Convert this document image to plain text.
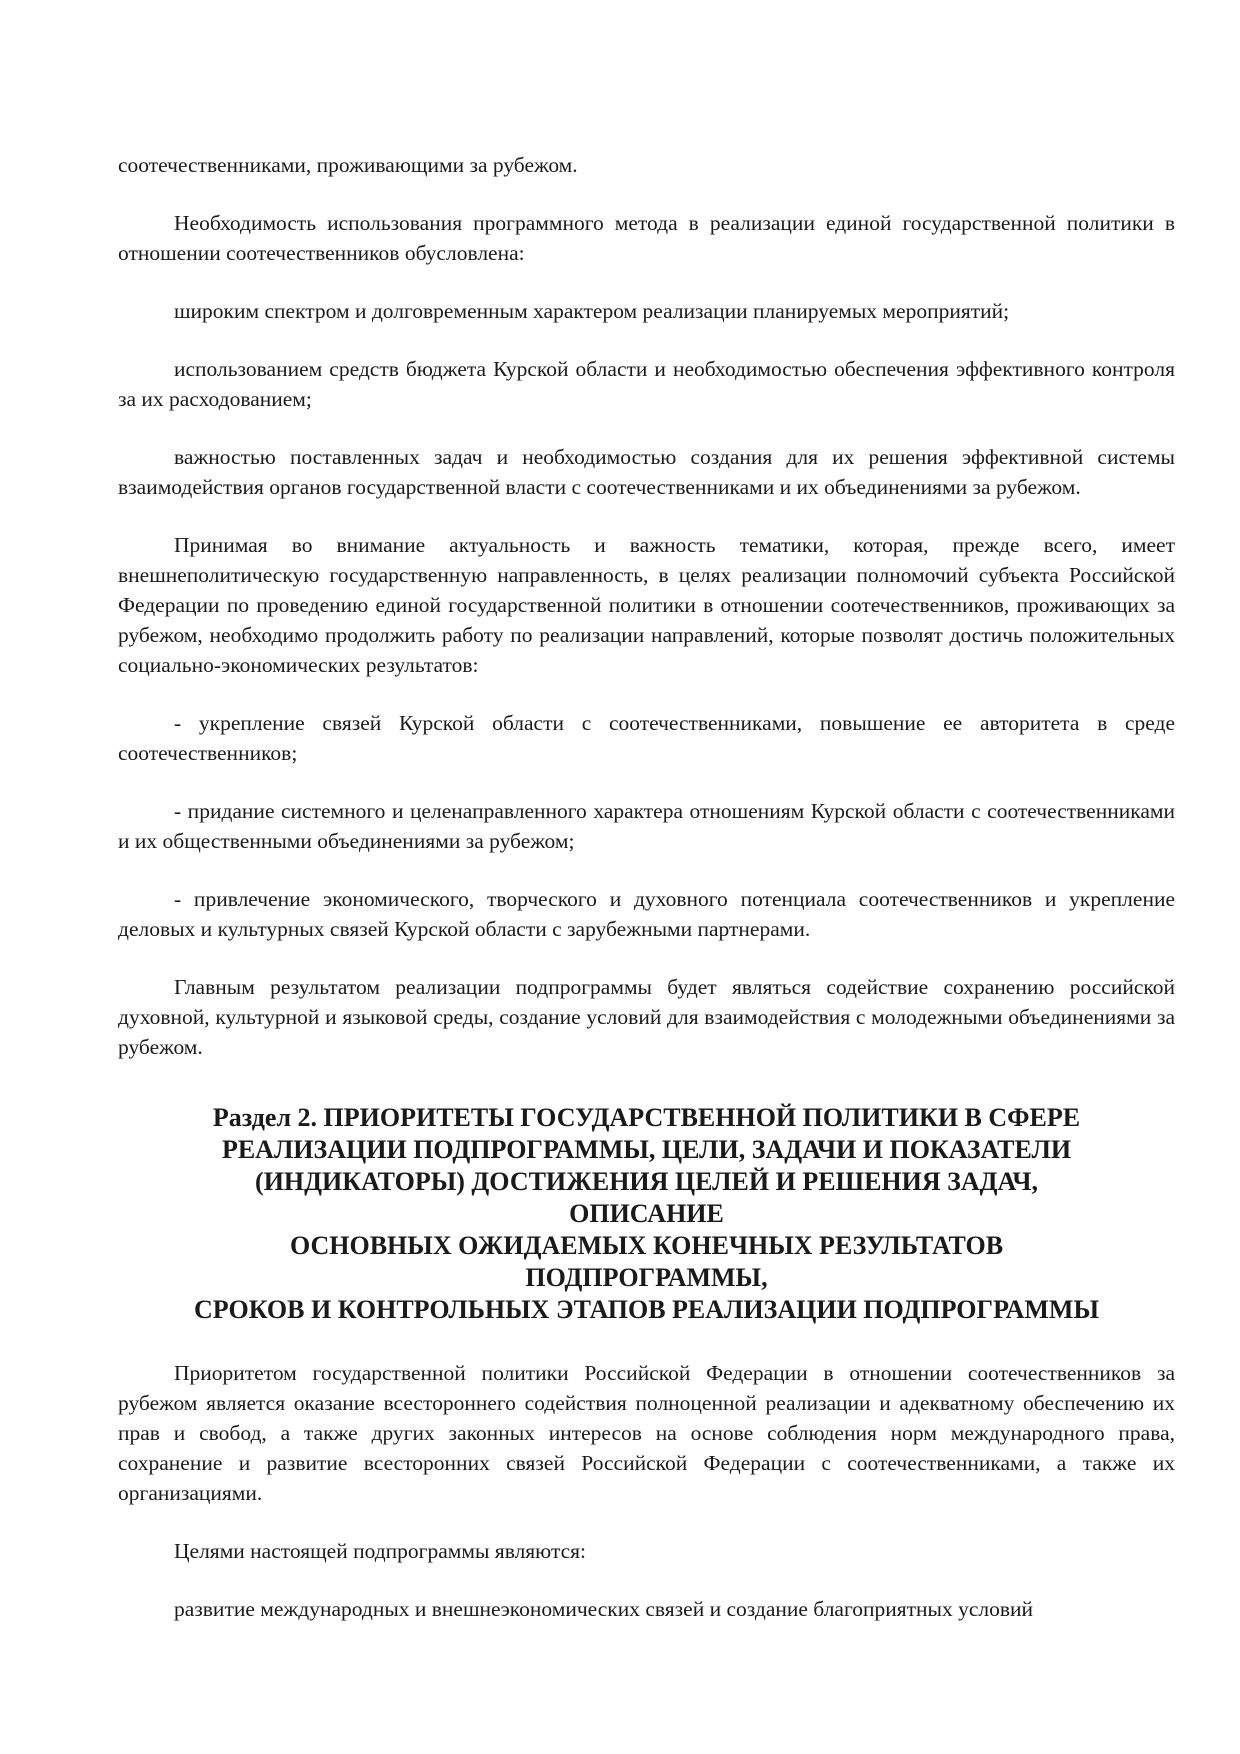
соотечественниками, проживающими за рубежом.

Необходимость использования программного метода в реализации единой государственной политики в отношении соотечественников обусловлена:

широким спектром и долговременным характером реализации планируемых мероприятий;

использованием средств бюджета Курской области и необходимостью обеспечения эффективного контроля за их расходованием;

важностью поставленных задач и необходимостью создания для их решения эффективной системы взаимодействия органов государственной власти с соотечественниками и их объединениями за рубежом.

Принимая во внимание актуальность и важность тематики, которая, прежде всего, имеет внешнеполитическую государственную направленность, в целях реализации полномочий субъекта Российской Федерации по проведению единой государственной политики в отношении соотечественников, проживающих за рубежом, необходимо продолжить работу по реализации направлений, которые позволят достичь положительных социально-экономических результатов:

- укрепление связей Курской области с соотечественниками, повышение ее авторитета в среде соотечественников;

- придание системного и целенаправленного характера отношениям Курской области с соотечественниками и их общественными объединениями за рубежом;

- привлечение экономического, творческого и духовного потенциала соотечественников и укрепление деловых и культурных связей Курской области с зарубежными партнерами.

Главным результатом реализации подпрограммы будет являться содействие сохранению российской духовной, культурной и языковой среды, создание условий для взаимодействия с молодежными объединениями за рубежом.

Раздел 2. ПРИОРИТЕТЫ ГОСУДАРСТВЕННОЙ ПОЛИТИКИ В СФЕРЕ
РЕАЛИЗАЦИИ ПОДПРОГРАММЫ, ЦЕЛИ, ЗАДАЧИ И ПОКАЗАТЕЛИ
(ИНДИКАТОРЫ) ДОСТИЖЕНИЯ ЦЕЛЕЙ И РЕШЕНИЯ ЗАДАЧ,
ОПИСАНИЕ
ОСНОВНЫХ ОЖИДАЕМЫХ КОНЕЧНЫХ РЕЗУЛЬТАТОВ
ПОДПРОГРАММЫ,
СРОКОВ И КОНТРОЛЬНЫХ ЭТАПОВ РЕАЛИЗАЦИИ ПОДПРОГРАММЫ

Приоритетом государственной политики Российской Федерации в отношении соотечественников за рубежом является оказание всестороннего содействия полноценной реализации и адекватному обеспечению их прав и свобод, а также других законных интересов на основе соблюдения норм международного права, сохранение и развитие всесторонних связей Российской Федерации с соотечественниками, а также их организациями.

Целями настоящей подпрограммы являются:

развитие международных и внешнеэкономических связей и создание благоприятных условий
